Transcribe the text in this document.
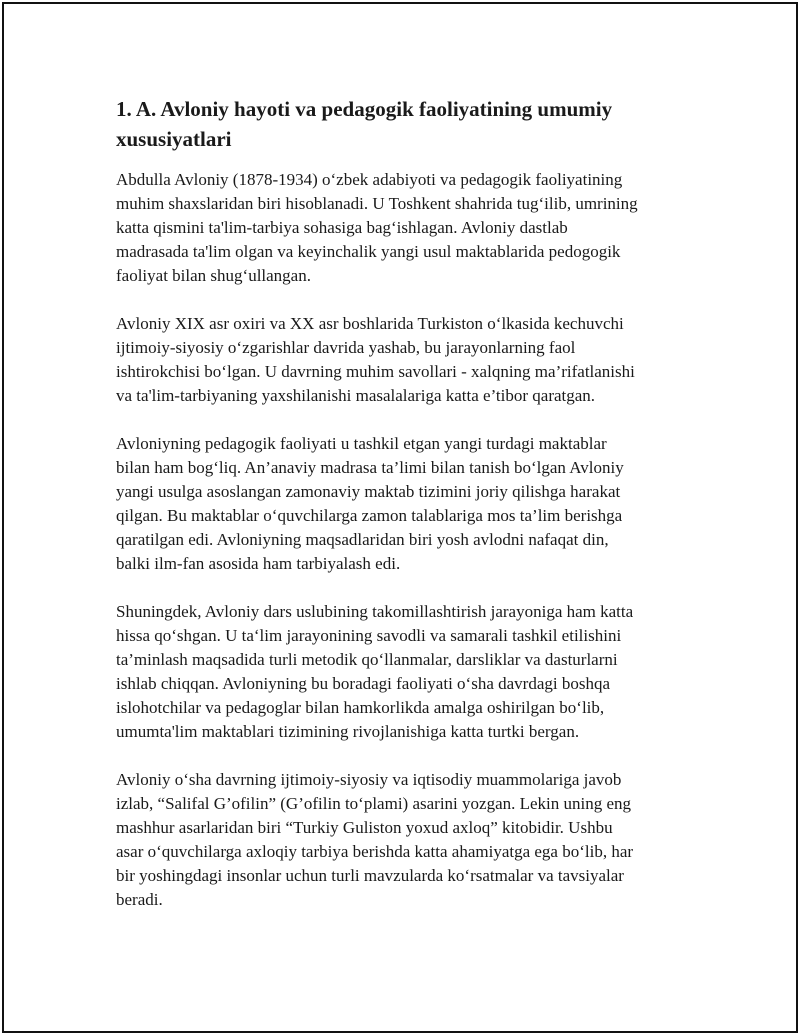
1. A. Avloniy hayoti va pedagogik faoliyatining umumiy
xususiyatlari

Abdulla Avloniy (1878-1934) o‘zbek adabiyoti va pedagogik faoliyatining
muhim shaxslaridan biri hisoblanadi. U Toshkent shahrida tug‘ilib, umrining
katta qismini ta'lim-tarbiya sohasiga bag‘ishlagan. Avloniy dastlab
madrasada ta'lim olgan va keyinchalik yangi usul maktablarida pedogogik
faoliyat bilan shug‘ullangan.

Avloniy XIX asr oxiri va XX asr boshlarida Turkiston o‘lkasida kechuvchi
ijtimoiy-siyosiy o‘zgarishlar davrida yashab, bu jarayonlarning faol
ishtirokchisi bo‘lgan. U davrning muhim savollari - xalqning ma’rifatlanishi
va ta'lim-tarbiyaning yaxshilanishi masalalariga katta e’tibor qaratgan.

Avloniyning pedagogik faoliyati u tashkil etgan yangi turdagi maktablar
bilan ham bog‘liq. An’anaviy madrasa ta’limi bilan tanish bo‘lgan Avloniy
yangi usulga asoslangan zamonaviy maktab tizimini joriy qilishga harakat
qilgan. Bu maktablar o‘quvchilarga zamon talablariga mos ta’lim berishga
qaratilgan edi. Avloniyning maqsadlaridan biri yosh avlodni nafaqat din,
balki ilm-fan asosida ham tarbiyalash edi.

Shuningdek, Avloniy dars uslubining takomillashtirish jarayoniga ham katta
hissa qo‘shgan. U ta‘lim jarayonining savodli va samarali tashkil etilishini
ta’minlash maqsadida turli metodik qo‘llanmalar, darsliklar va dasturlarni
ishlab chiqqan. Avloniyning bu boradagi faoliyati o‘sha davrdagi boshqa
islohotchilar va pedagoglar bilan hamkorlikda amalga oshirilgan bo‘lib,
umumta'lim maktablari tizimining rivojlanishiga katta turtki bergan.

Avloniy o‘sha davrning ijtimoiy-siyosiy va iqtisodiy muammolariga javob
izlab, “Salifal G’ofilin” (G’ofilin to‘plami) asarini yozgan. Lekin uning eng
mashhur asarlaridan biri “Turkiy Guliston yoxud axloq” kitobidir. Ushbu
asar o‘quvchilarga axloqiy tarbiya berishda katta ahamiyatga ega bo‘lib, har
bir yoshingdagi insonlar uchun turli mavzularda ko‘rsatmalar va tavsiyalar
beradi.
